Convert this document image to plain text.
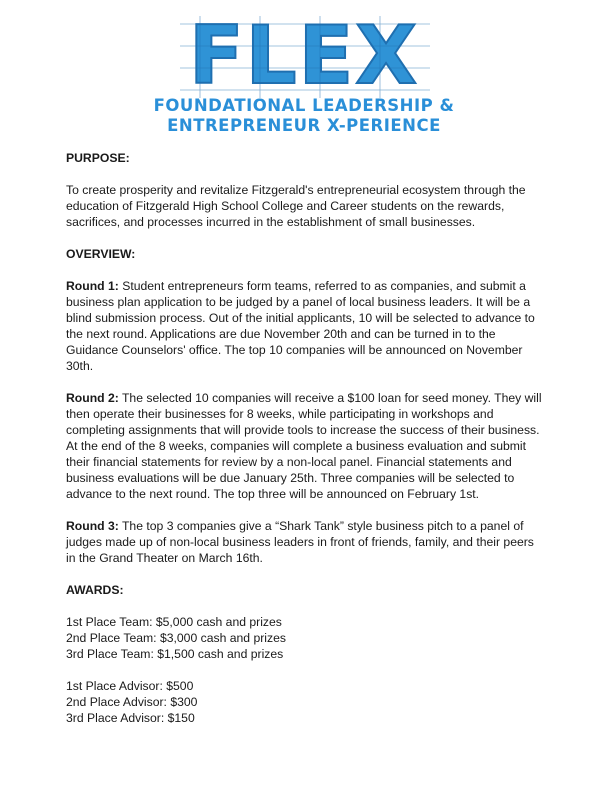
FLEX
FOUNDATIONAL LEADERSHIP &
ENTREPRENEUR X-PERIENCE

PURPOSE:

To create prosperity and revitalize Fitzgerald's entrepreneurial ecosystem through the education of Fitzgerald High School College and Career students on the rewards, sacrifices, and processes incurred in the establishment of small businesses.

OVERVIEW:

Round 1: Student entrepreneurs form teams, referred to as companies, and submit a business plan application to be judged by a panel of local business leaders. It will be a blind submission process. Out of the initial applicants, 10 will be selected to advance to the next round. Applications are due November 20th and can be turned in to the Guidance Counselors' office. The top 10 companies will be announced on November 30th.

Round 2: The selected 10 companies will receive a $100 loan for seed money. They will then operate their businesses for 8 weeks, while participating in workshops and completing assignments that will provide tools to increase the success of their business. At the end of the 8 weeks, companies will complete a business evaluation and submit their financial statements for review by a non-local panel. Financial statements and business evaluations will be due January 25th. Three companies will be selected to advance to the next round. The top three will be announced on February 1st.

Round 3: The top 3 companies give a “Shark Tank” style business pitch to a panel of judges made up of non-local business leaders in front of friends, family, and their peers in the Grand Theater on March 16th.

AWARDS:

1st Place Team: $5,000 cash and prizes

2nd Place Team: $3,000 cash and prizes

3rd Place Team: $1,500 cash and prizes

1st Place Advisor: $500

2nd Place Advisor: $300

3rd Place Advisor: $150
